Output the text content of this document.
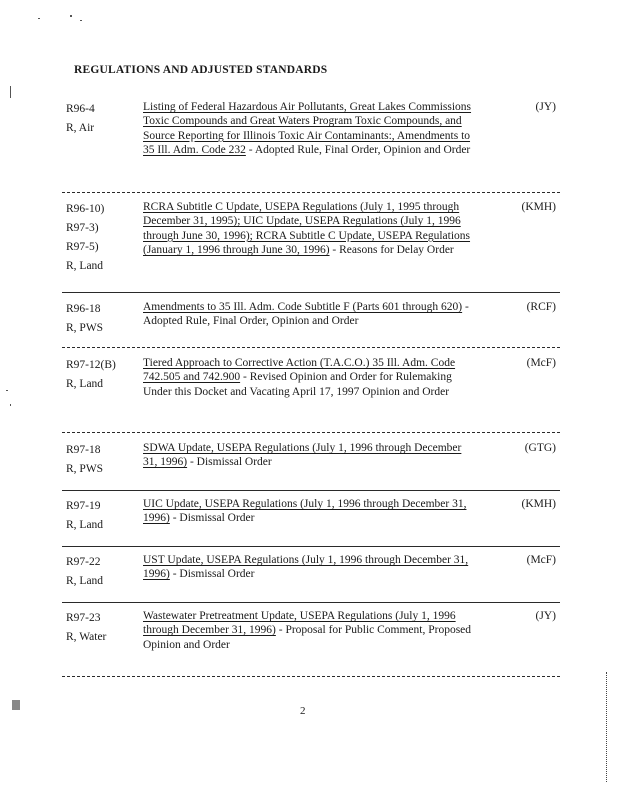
REGULATIONS AND ADJUSTED STANDARDS
R96-4
R, Air
Listing of Federal Hazardous Air Pollutants, Great Lakes Commissions Toxic Compounds and Great Waters Program Toxic Compounds, and Source Reporting for Illinois Toxic Air Contaminants:, Amendments to 35 Ill. Adm. Code 232 - Adopted Rule, Final Order, Opinion and Order
(JY)
R96-10)
R97-3)
R97-5)
R, Land
RCRA Subtitle C Update, USEPA Regulations (July 1, 1995 through December 31, 1995); UIC Update, USEPA Regulations (July 1, 1996 through June 30, 1996); RCRA Subtitle C Update, USEPA Regulations (January 1, 1996 through June 30, 1996) - Reasons for Delay Order
(KMH)
R96-18
R, PWS
Amendments to 35 Ill. Adm. Code Subtitle F (Parts 601 through 620) - Adopted Rule, Final Order, Opinion and Order
(RCF)
R97-12(B)
R, Land
Tiered Approach to Corrective Action (T.A.C.O.) 35 Ill. Adm. Code 742.505 and 742.900 - Revised Opinion and Order for Rulemaking Under this Docket and Vacating April 17, 1997 Opinion and Order
(McF)
R97-18
R, PWS
SDWA Update, USEPA Regulations (July 1, 1996 through December 31, 1996) - Dismissal Order
(GTG)
R97-19
R, Land
UIC Update, USEPA Regulations (July 1, 1996 through December 31, 1996) - Dismissal Order
(KMH)
R97-22
R, Land
UST Update, USEPA Regulations (July 1, 1996 through December 31, 1996) - Dismissal Order
(McF)
R97-23
R, Water
Wastewater Pretreatment Update, USEPA Regulations (July 1, 1996 through December 31, 1996) - Proposal for Public Comment, Proposed Opinion and Order
(JY)
2
